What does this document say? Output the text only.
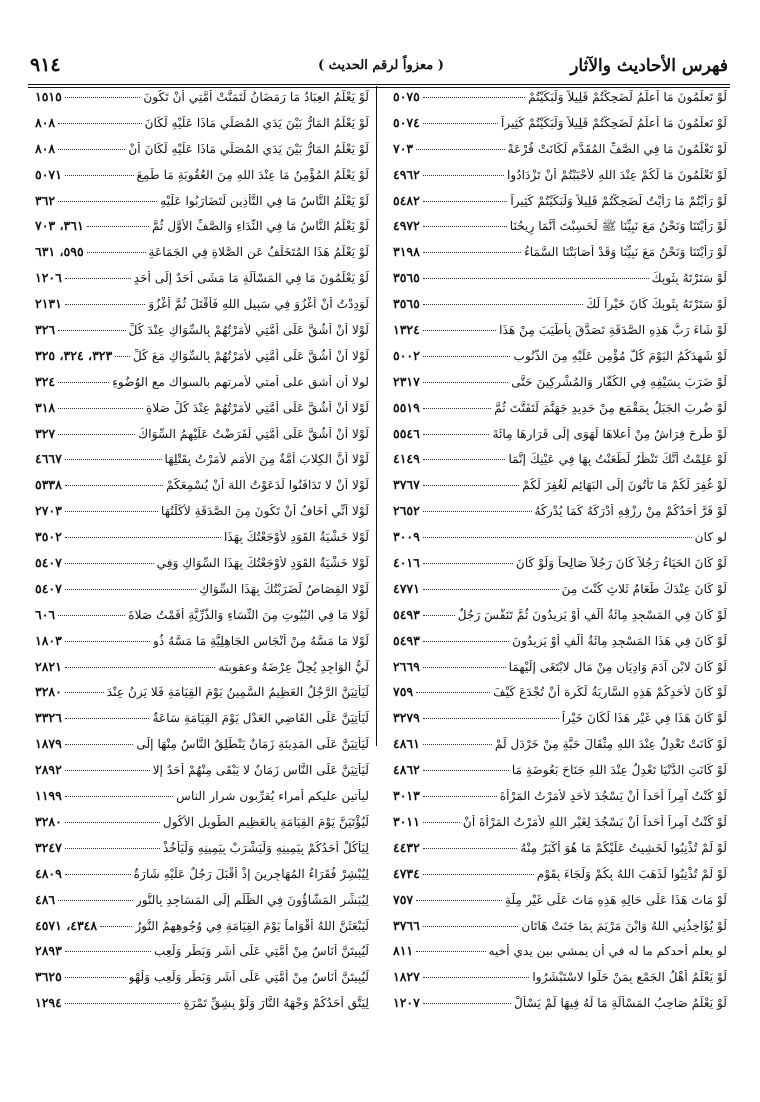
فهرس الأحاديث والآثار
( معزواً لرقم الحديث )
٩١٤
لَوْ تَعلَمُونَ مَا أَعلَمُ لَضَحِكْتُمْ قَلِيلاً وَلَبَكَيْتُمْ
٥٠٧٥
لَوْ تَعلَمُونَ مَا أَعلَمُ لَضَحِكْتُمْ قَلِيلاً وَلَبَكَيْتُمْ كَثِيراً
٥٠٧٤
لَوْ تَعْلَمُونَ مَا فِي الصَّفِّ المُقَدَّمِ لَكَانَتْ قُرْعَةً
٧٠٣
لَوْ تَعْلَمُونَ مَا لَكُمْ عِنْدَ اللهِ لأَحْبَبْتُمْ أَنْ تَزْدَادُوا
٤٩٦٢
لَوْ رَأَيْتُمْ مَا رَأَيْتُ لَضَحِكْتُمْ قَلِيلاً وَلَبَكَيْتُمْ كَثِيراً
٥٤٨٢
لَوْ رَأَيْتَنَا وَنَحْنُ مَعَ نَبِيِّنَا ﷺ لَحَسِبْتَ أَنَّمَا رِيحُنَا
٤٩٧٢
لَوْ رَأَيْتَنَا وَنَحْنُ مَعَ نَبِيِّنَا وَقَدْ أَصَابَتْنَا السَّمَاءُ
٣١٩٨
لَوْ سَتَرْتَهُ بِثَوبِكَ
٣٥٦٥
لَوْ سَتَرْتَهُ بِثَوبِكَ كَانَ خَيْراً لَكَ
٣٥٦٥
لَوْ شَاءَ رَبُّ هَذِهِ الصَّدَقَةِ تَصَدَّقَ بِأَطْيَبَ مِنْ هَذَا
١٣٢٤
لَوْ شَهِدَكُمُ اليَوْمَ كُلُّ مُؤْمِنٍ عَلَيْهِ مِنَ الذُّنُوبِ
٥٠٠٢
لَوْ ضَرَبَ بِسَيْفِهِ فِي الكُفَّارِ وَالمُشْرِكِينَ حَتَّى
٢٣١٧
لَوْ ضُرِبَ الجَبَلُ بِمَقْمَعٍ مِنْ حَدِيدٍ جَهَنَّمَ لَتَفَتَّتَ ثُمَّ
٥٥١٩
لَوْ طُرِحَ فِرَاشٌ مِنْ أَعلاهَا لَهَوَى إِلَى قَرَارِهَا مِائَةَ
٥٥٤٦
لَوْ عَلِمْتُ أَنَّكَ تَنْظُرُ لَطَعَنْتُ بِهَا فِي عَيْنِكَ إِنَّمَا
٤١٤٩
لَوْ غُفِرَ لَكُمْ مَا تَأْتُونَ إِلَى البَهَائِمِ لَغُفِرَ لَكُمْ
٣٧٦٧
لَوْ فَرَّ أَحَدُكُمْ مِنْ رِزْقِهِ أَدْرَكَهُ كَمَا يُدْرِكُهُ
٢٦٥٢
لو كان
٣٠٠٩
لَوْ كَانَ الحَيَاءُ رَجُلاً كَانَ رَجُلاً صَالِحاً وَلَوْ كَانَ
٤٠١٦
لَوْ كَانَ عِنْدَكَ طَعَامُ ثَلاثٍ كُنْتَ مِنَ
٤٧٧١
لَوْ كَانَ فِي المَسْجِدِ مِائَةُ أَلْفٍ أَوْ يَزِيدُونَ ثُمَّ تَنَفَّسَ رَجُلٌ
٥٤٩٣
لَوْ كَانَ فِي هَذَا المَسْجِدِ مِائَةُ أَلْفٍ أَوْ يَزِيدُونَ
٥٤٩٣
لَوْ كَانَ لابْنِ آدَمَ وَادِيَانِ مِنْ مَالٍ لابْتَغَى إِلَيْهِمَا
٢٦٦٩
لَوْ كَانَ لأَحَدِكُمْ هَذِهِ السَّارِيَةُ لَكَرِهَ أَنْ تُجْدَعَ كَيْفَ
٧٥٩
لَوْ كَانَ هَذَا فِي غَيْرِ هَذَا لَكَانَ خَيْراً
٣٢٧٩
لَوْ كَانَتْ تَعْدِلُ عِنْدَ اللهِ مِثْقَالَ حَبَّةٍ مِنْ خَرْدَلٍ لَمْ
٤٨٦١
لَوْ كَانَتِ الدُّنْيَا تَعْدِلُ عِنْدَ اللهِ جَنَاحَ بَعُوضَةٍ مَا
٤٨٦٢
لَوْ كُنْتُ آمِراً أَحَداً أَنْ يَسْجُدَ لأَحَدٍ لأَمَرْتُ المَرْأَةَ
٣٠١٣
لَوْ كُنْتُ آمِراً أَحَداً أَنْ يَسْجُدَ لِغَيْرِ اللهِ لأَمَرْتُ المَرْأَةَ أَنْ
٣٠١١
لَوْ لَمْ تُذْنِبُوا لَخَشِيتُ عَلَيْكُمْ مَا هُوَ أَكْبَرُ مِنْهُ
٤٤٣٢
لَوْ لَمْ تُذْنِبُوا لَذَهَبَ اللهُ بِكُمْ وَلَجَاءَ بِقَوْمٍ
٤٧٣٤
لَوْ مَاتَ هَذَا عَلَى حَالِهِ هَذِهِ مَاتَ عَلَى غَيْرِ مِلَّةِ
٧٥٧
لَوْ يُؤَاخِذُنِي اللهُ وَابْنَ مَرْيَمَ بِمَا جَنَتْ هَاتَانِ
٣٧٦٦
لو يعلم أحدكم ما له في أن يمشي بين يدي أخيه
٨١١
لَوْ يَعْلَمُ أَهْلُ الجَمْعِ بِمَنْ حَلُّوا لاسْتَبْشَرُوا
١٨٢٧
لَوْ يَعْلَمُ صَاحِبُ المَسْأَلَةِ مَا لَهُ فِيهَا لَمْ يَسْأَلْ
١٢٠٧
لَوْ يَعْلَمُ العِبَادُ مَا رَمَضَانُ لَتَمَنَّتْ أُمَّتِي أَنْ تَكُونَ
١٥١٥
لَوْ يَعْلَمُ المَارُّ بَيْنَ يَدَيِ المُصَلِّي مَاذَا عَلَيْهِ لَكَانَ
٨٠٨
لَوْ يَعْلَمُ المَارُّ بَيْنَ يَدَيِ المُصَلِّي مَاذَا عَلَيْهِ لَكَانَ أَنْ
٨٠٨
لَوْ يَعْلَمُ المُؤْمِنُ مَا عِنْدَ اللهِ مِنَ العُقُوبَةِ مَا طَمِعَ
٥٠٧١
لَوْ يَعْلَمُ النَّاسُ مَا فِي التَّأْذِينِ لَتَضَارَبُوا عَلَيْهِ
٣٦٢
لَوْ يَعْلَمُ النَّاسُ مَا فِي النِّدَاءِ وَالصَّفِّ الأَوَّلِ ثُمَّ
٣٦١، ٧٠٣
لَوْ يَعْلَمُ هَذَا المُتَخَلِّفُ عَنِ الصَّلاةِ فِي الجَمَاعَةِ
٥٩٥، ٦٣١
لَوْ يَعْلَمُونَ مَا فِي المَسْأَلَةِ مَا مَشَى أَحَدٌ إِلَى أَحَدٍ
١٢٠٦
لَوَدِدْتُ أَنْ أَغْزُوَ فِي سَبِيلِ اللهِ فَأُقْتَلَ ثُمَّ أَغْزُوَ
٢١٣١
لَوْلا أَنْ أَشُقَّ عَلَى أُمَّتِي لأَمَرْتُهُمْ بِالسِّوَاكِ عِنْدَ كُلِّ
٣٢٦
لَوْلا أَنْ أَشُقَّ عَلَى أُمَّتِي لأَمَرْتُهُمْ بِالسِّوَاكِ مَعَ كُلِّ
٣٢٣، ٣٢٤، ٣٢٥
لولا أن أشق على أمتي لأمرتهم بالسواك مع الوُضُوءِ
٣٢٤
لَوْلا أَنْ أَشُقَّ عَلَى أُمَّتِي لأَمَرْتُهُمْ عِنْدَ كُلِّ صَلاةٍ
٣١٨
لَوْلا أَنْ أَشُقَّ عَلَى أُمَّتِي لَفَرَضْتُ عَلَيْهِمُ السِّوَاكَ
٣٢٧
لَوْلا أَنَّ الكِلابَ أُمَّةٌ مِنَ الأُمَمِ لأَمَرْتُ بِقَتْلِهَا
٤٦٦٧
لَوْلا أَنْ لا تَدَافَنُوا لَدَعَوْتُ اللهَ أَنْ يُسْمِعَكُمْ
٥٣٣٨
لَوْلا أَنِّي أَخَافُ أَنْ تَكُونَ مِنَ الصَّدَقَةِ لأَكَلْتُهَا
٢٧٠٣
لَوْلا خَشْيَةُ القَوَدِ لأَوْجَعْتُكَ بِهَذَا
٣٥٠٢
لَوْلا خَشْيَةُ القَوَدِ لأَوْجَعْتُكَ بِهَذَا السِّوَاكِ وَفِي
٥٤٠٧
لَوْلا القِصَاصُ لَضَرَبْتُكَ بِهَذَا السِّوَاكِ
٥٤٠٧
لَوْلا مَا فِي البُيُوتِ مِنَ النِّسَاءِ وَالذُّرِّيَّةِ أَقَمْتُ صَلاةَ
٦٠٦
لَوْلا مَا مَسَّهُ مِنْ أَنْجَاسِ الجَاهِلِيَّةِ مَا مَسَّهُ ذُو
١٨٠٣
لَيُّ الوَاجِدِ يُحِلُّ عِرْضَهُ وعقوبته
٢٨٢١
لَيَأْتِيَنَّ الرَّجُلُ العَظِيمُ السَّمِينُ يَوْمَ القِيَامَةِ فَلا يَزِنُ عِنْدَ
٣٢٨٠
لَيَأْتِيَنَّ عَلَى القَاضِي العَدْلِ يَوْمَ القِيَامَةِ سَاعَةٌ
٣٣٢٦
لَيَأْتِيَنَّ عَلَى المَدِينَةِ زَمَانٌ يَنْطَلِقُ النَّاسُ مِنْهَا إِلَى
١٨٧٩
لَيَأْتِيَنَّ عَلَى النَّاسِ زَمَانٌ لا يَبْقَى مِنْهُمْ أَحَدٌ إِلا
٢٨٩٢
ليأتين عليكم أمراء يُقرِّبون شرار الناس
١١٩٩
لَيُؤْتَيَنَّ يَوْمَ القِيَامَةِ بِالعَظِيمِ الطَّوِيلِ الأَكُولِ
٣٢٨٠
لِيَأْكُلْ أَحَدُكُمْ بِيَمِينِهِ وَلْيَشْرَبْ بِيَمِينِهِ وَلْيَأْخُذْ
٣٢٤٧
لِيُبْشِرْ فُقَرَاءُ المُهَاجِرِينَ إِذْ أَقْبَلَ رَجُلٌ عَلَيْهِ شَارَةٌ
٤٨٠٩
لِيُبَشِّرِ المَشَّاؤُونَ فِي الظُّلَمِ إِلَى المَسَاجِدِ بِالنُّورِ
٤٨٦
لَيَبْعَثَنَّ اللهُ أَقْوَاماً يَوْمَ القِيَامَةِ فِي وُجُوهِهِمُ النُّورُ
٤٣٤٨، ٤٥٧١
لَيُبِيتَنَّ أُنَاسٌ مِنْ أُمَّتِي عَلَى أَشَرٍ وَبَطَرٍ وَلَعِبٍ
٢٨٩٣
لَيُبِيتَنَّ أُنَاسٌ مِنْ أُمَّتِي عَلَى أَشَرٍ وَبَطَرٍ وَلَعِبٍ وَلَهْوٍ
٣٦٢٥
لِيَتَّقِ أَحَدُكُمْ وَجْهَهُ النَّارَ وَلَوْ بِشِقِّ تَمْرَةٍ
١٢٩٤
